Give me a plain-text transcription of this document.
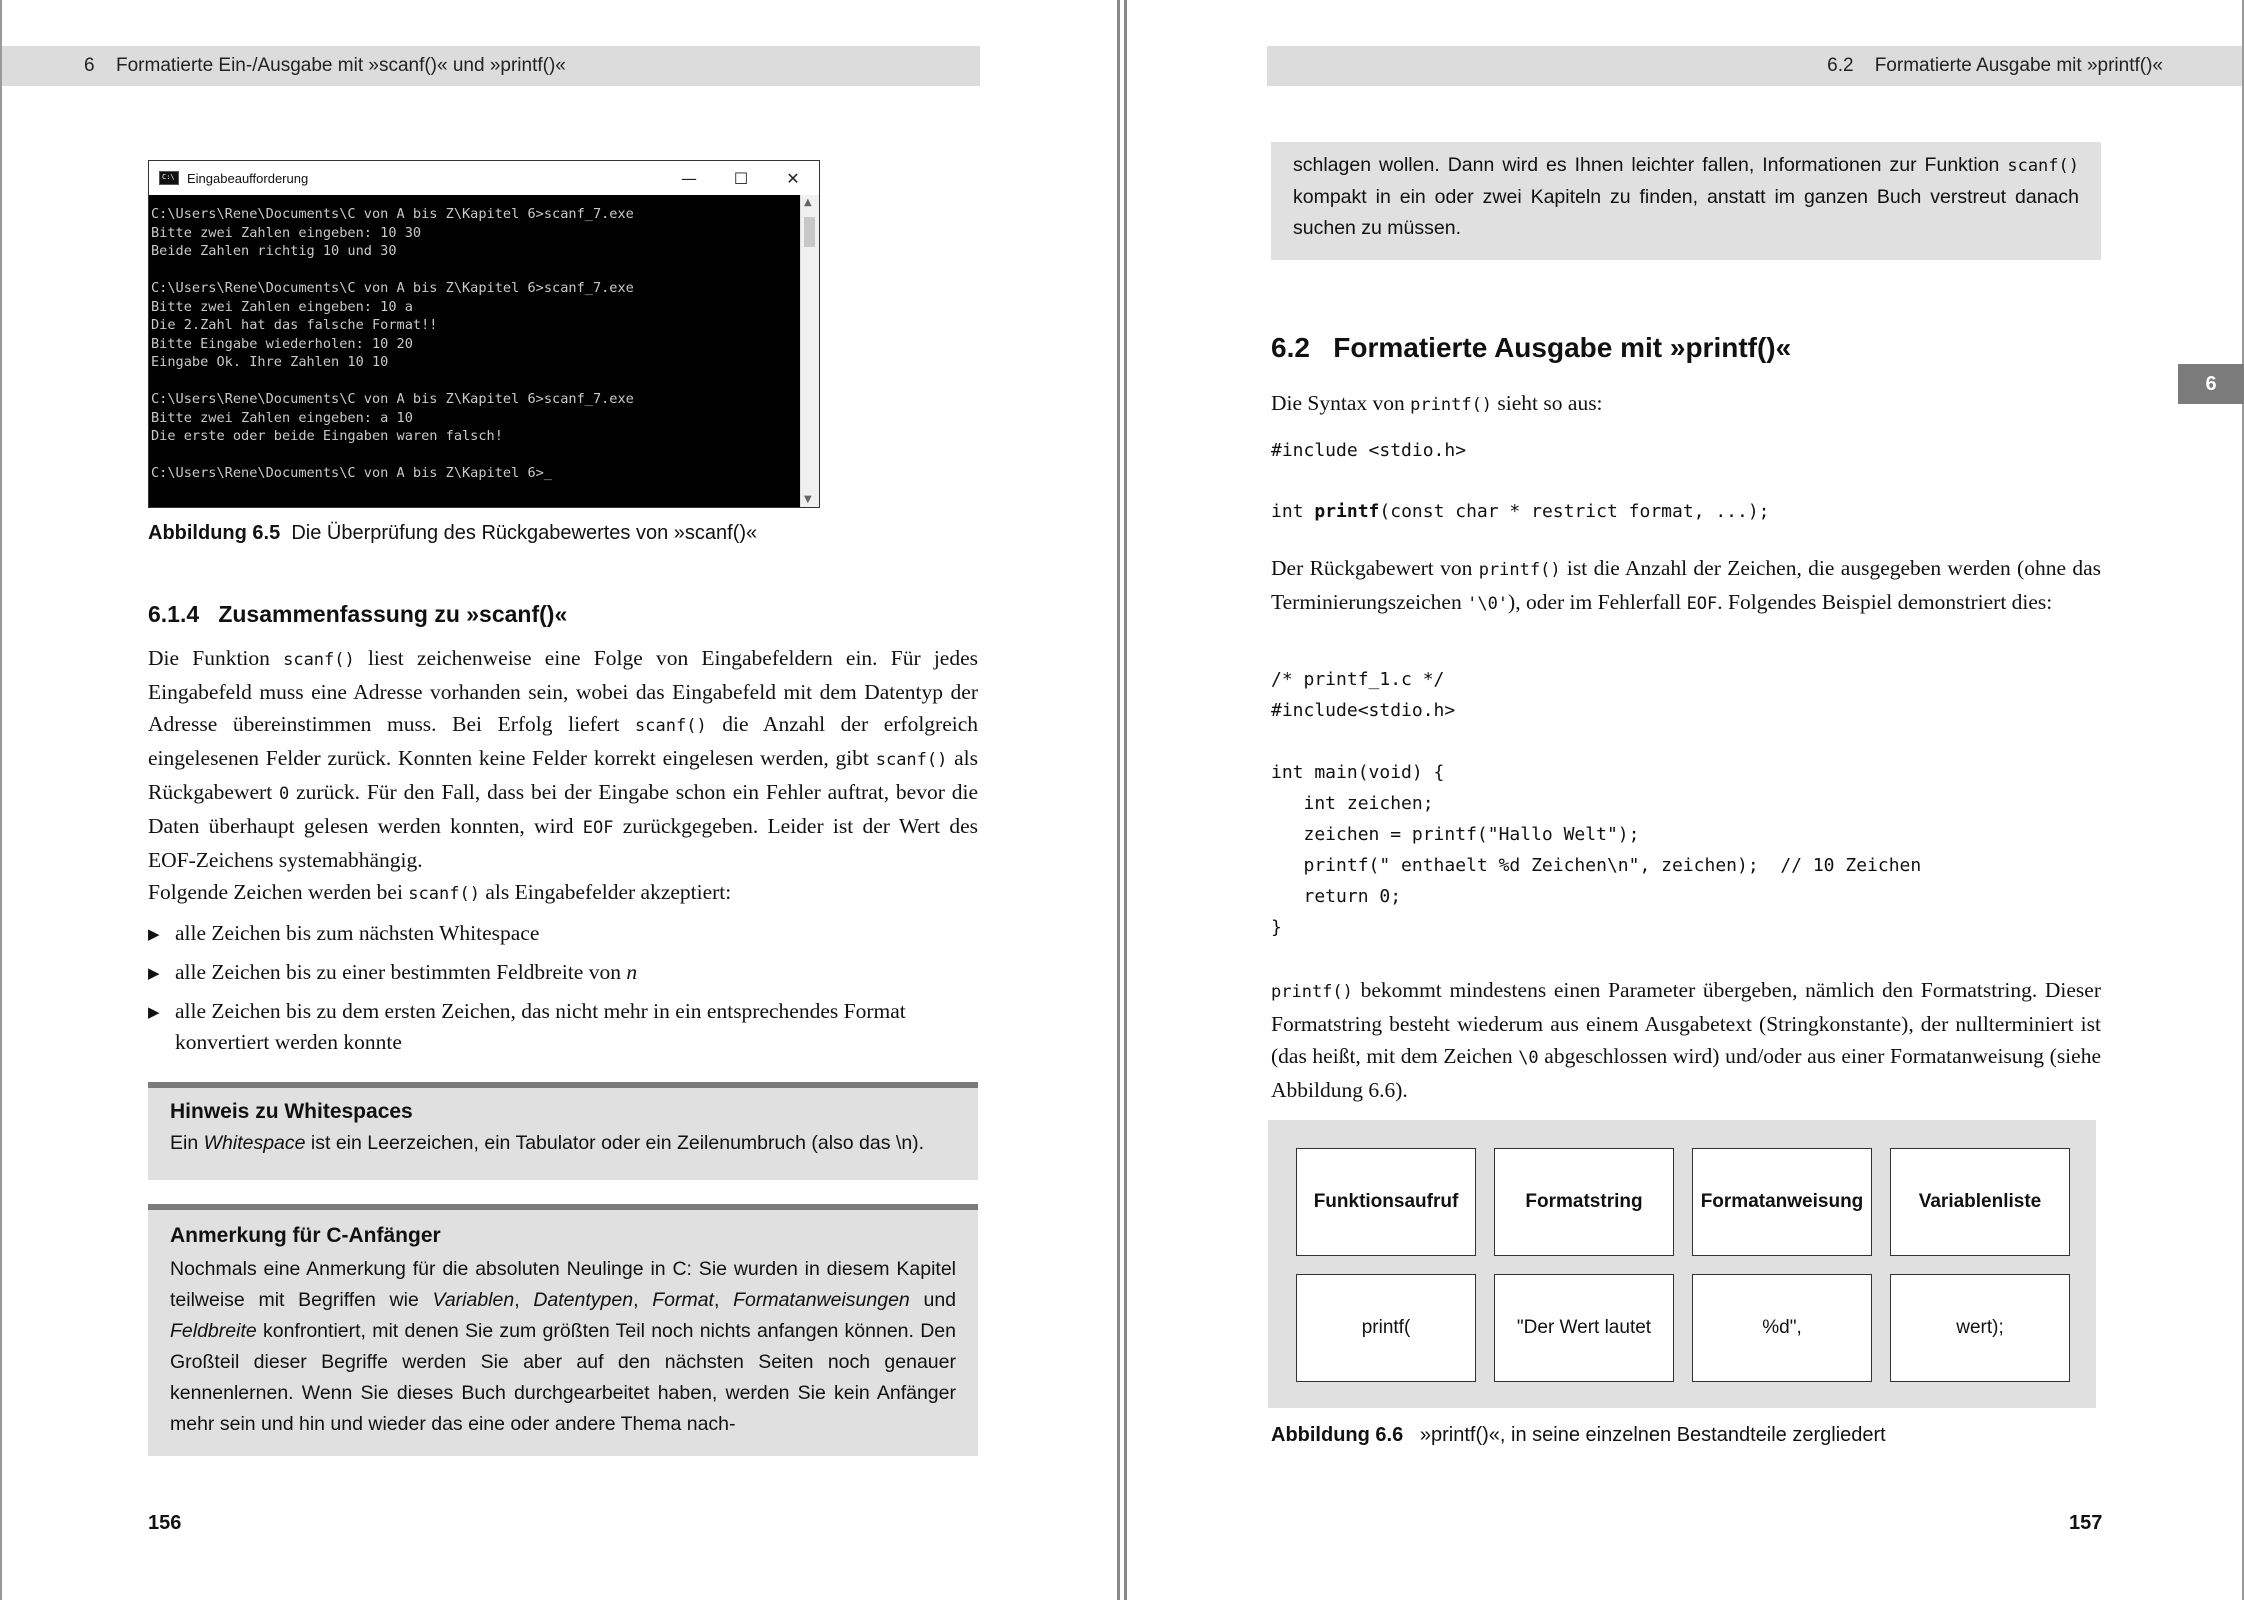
6 Formatierte Ein-/Ausgabe mit »scanf()« und »printf()«
C:\
Eingabeaufforderung	—	☐	✕
C:\Users\Rene\Documents\C von A bis Z\Kapitel 6>scanf_7.exe
Bitte zwei Zahlen eingeben: 10 30
Beide Zahlen richtig 10 und 30

C:\Users\Rene\Documents\C von A bis Z\Kapitel 6>scanf_7.exe
Bitte zwei Zahlen eingeben: 10 a
Die 2.Zahl hat das falsche Format!!
Bitte Eingabe wiederholen: 10 20
Eingabe Ok. Ihre Zahlen 10 10

C:\Users\Rene\Documents\C von A bis Z\Kapitel 6>scanf_7.exe
Bitte zwei Zahlen eingeben: a 10
Die erste oder beide Eingaben waren falsch!

C:\Users\Rene\Documents\C von A bis Z\Kapitel 6>_
▲
▼
Abbildung 6.5 Die Überprüfung des Rückgabewertes von »scanf()«
6.1.4 Zusammenfassung zu »scanf()«
Die Funktion scanf() liest zeichenweise eine Folge von Eingabefeldern ein. Für jedes Eingabefeld muss eine Adresse vorhanden sein, wobei das Eingabefeld mit dem Datentyp der Adresse übereinstimmen muss. Bei Erfolg liefert scanf() die Anzahl der erfolgreich eingelesenen Felder zurück. Konnten keine Felder korrekt eingelesen werden, gibt scanf() als Rückgabewert 0 zurück. Für den Fall, dass bei der Eingabe schon ein Fehler auftrat, bevor die Daten überhaupt gelesen werden konnten, wird EOF zurückgegeben. Leider ist der Wert des EOF-Zeichens systemabhängig.
Folgende Zeichen werden bei scanf() als Eingabefelder akzeptiert:
▶ alle Zeichen bis zum nächsten Whitespace
▶ alle Zeichen bis zu einer bestimmten Feldbreite von n
▶ alle Zeichen bis zu dem ersten Zeichen, das nicht mehr in ein entsprechendes Format konvertiert werden konnte
Hinweis zu Whitespaces
Ein Whitespace ist ein Leerzeichen, ein Tabulator oder ein Zeilenumbruch (also das \n).
Anmerkung für C-Anfänger
Nochmals eine Anmerkung für die absoluten Neulinge in C: Sie wurden in diesem Kapitel teilweise mit Begriffen wie Variablen, Datentypen, Format, Formatanweisungen und Feldbreite konfrontiert, mit denen Sie zum größten Teil noch nichts anfangen können. Den Großteil dieser Begriffe werden Sie aber auf den nächsten Seiten noch genauer kennenlernen. Wenn Sie dieses Buch durchgearbeitet haben, werden Sie kein Anfänger mehr sein und hin und wieder das eine oder andere Thema nach-
156
6.2 Formatierte Ausgabe mit »printf()«
schlagen wollen. Dann wird es Ihnen leichter fallen, Informationen zur Funktion scanf() kompakt in ein oder zwei Kapiteln zu finden, anstatt im ganzen Buch verstreut danach suchen zu müssen.
6.2 Formatierte Ausgabe mit »printf()«
Die Syntax von printf() sieht so aus:
#include <stdio.h>
int printf(const char * restrict format, ...);
Der Rückgabewert von printf() ist die Anzahl der Zeichen, die ausgegeben werden (ohne das Terminierungszeichen '\0'), oder im Fehlerfall EOF. Folgendes Beispiel demonstriert dies:
/* printf_1.c */
#include<stdio.h>

int main(void) {
int zeichen;
zeichen = printf("Hallo Welt");
printf(" enthaelt %d Zeichen\n", zeichen);  // 10 Zeichen
return 0;
}
printf() bekommt mindestens einen Parameter übergeben, nämlich den Formatstring. Dieser Formatstring besteht wiederum aus einem Ausgabetext (Stringkonstante), der nullterminiert ist (das heißt, mit dem Zeichen \0 abgeschlossen wird) und/oder aus einer Formatanweisung (siehe Abbildung 6.6).
Abbildung 6.6 »printf()«, in seine einzelnen Bestandteile zergliedert
157
Funktionsaufruf	Formatstring	Formatanweisung	Variablenliste
printf(	"Der Wert lautet	%d",	wert);
6
